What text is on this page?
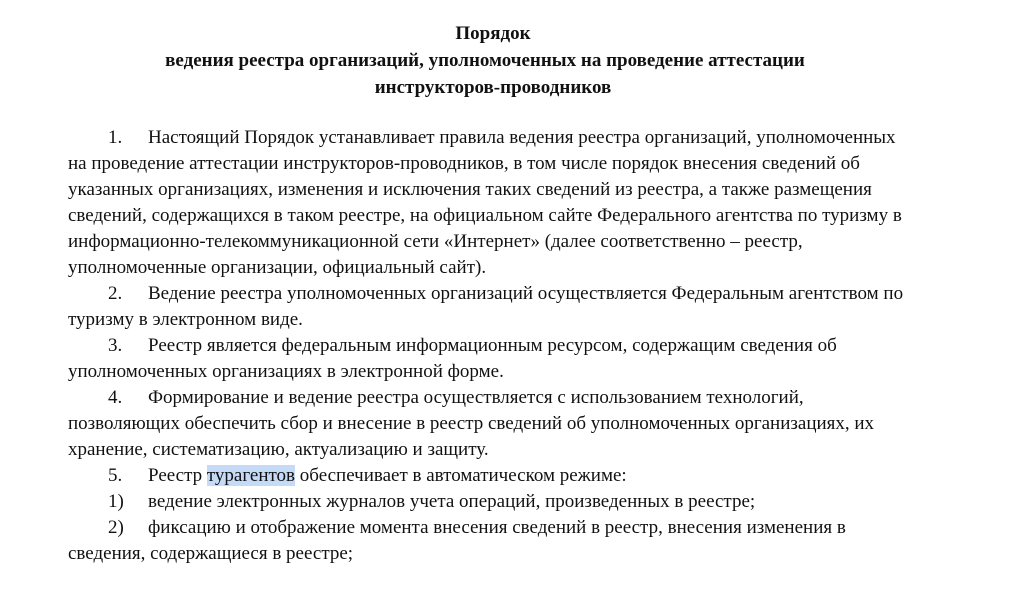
Порядок
ведения реестра организаций, уполномоченных на проведение аттестации
инструкторов-проводников

1. Настоящий Порядок устанавливает правила ведения реестра организаций, уполномоченных на проведение аттестации инструкторов-проводников, в том числе порядок внесения сведений об указанных организациях, изменения и исключения таких сведений из реестра, а также размещения сведений, содержащихся в таком реестре, на официальном сайте Федерального агентства по туризму в информационно-телекоммуникационной сети «Интернет» (далее соответственно – реестр, уполномоченные организации, официальный сайт).

2. Ведение реестра уполномоченных организаций осуществляется Федеральным агентством по туризму в электронном виде.

3. Реестр является федеральным информационным ресурсом, содержащим сведения об уполномоченных организациях в электронной форме.

4. Формирование и ведение реестра осуществляется с использованием технологий, позволяющих обеспечить сбор и внесение в реестр сведений об уполномоченных организациях, их хранение, систематизацию, актуализацию и защиту.

5. Реестр турагентов обеспечивает в автоматическом режиме:

1) ведение электронных журналов учета операций, произведенных в реестре;

2) фиксацию и отображение момента внесения сведений в реестр, внесения изменения в сведения, содержащиеся в реестре;
